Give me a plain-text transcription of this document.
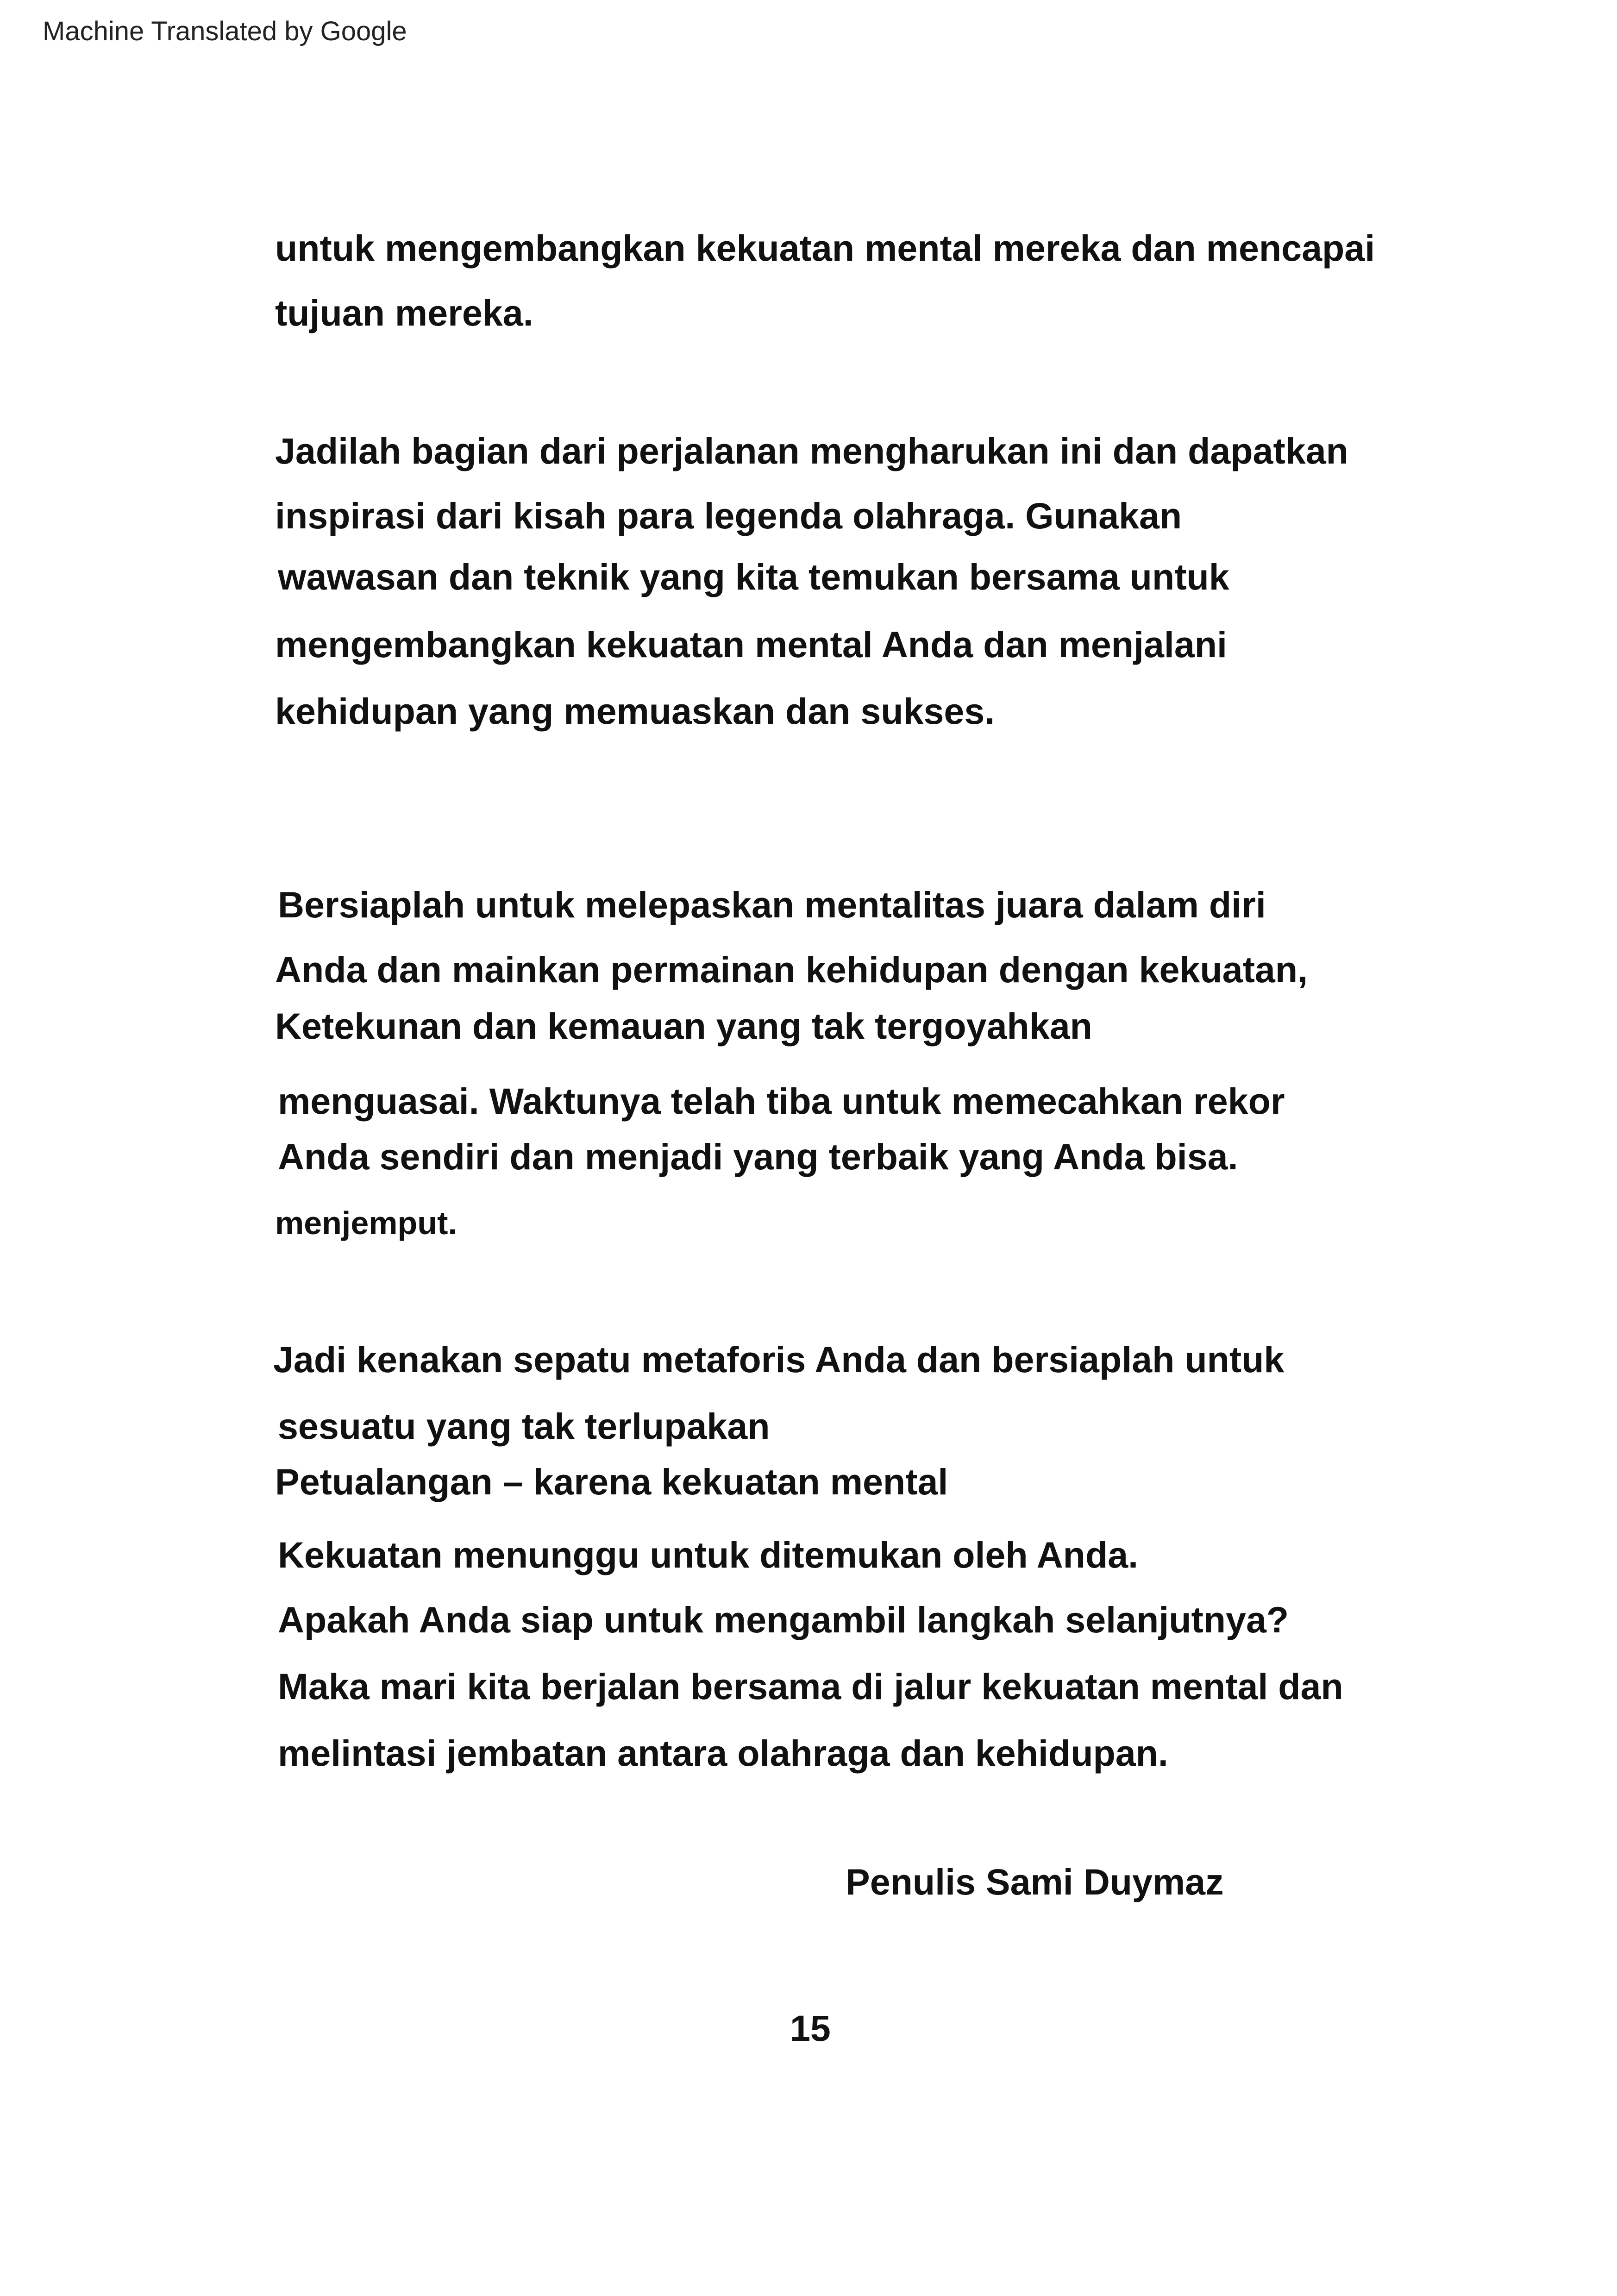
Machine Translated by Google
untuk mengembangkan kekuatan mental mereka dan mencapai
tujuan mereka.
Jadilah bagian dari perjalanan mengharukan ini dan dapatkan
inspirasi dari kisah para legenda olahraga. Gunakan
wawasan dan teknik yang kita temukan bersama untuk
mengembangkan kekuatan mental Anda dan menjalani
kehidupan yang memuaskan dan sukses.
Bersiaplah untuk melepaskan mentalitas juara dalam diri
Anda dan mainkan permainan kehidupan dengan kekuatan,
Ketekunan dan kemauan yang tak tergoyahkan
menguasai. Waktunya telah tiba untuk memecahkan rekor
Anda sendiri dan menjadi yang terbaik yang Anda bisa.
menjemput.
Jadi kenakan sepatu metaforis Anda dan bersiaplah untuk
sesuatu yang tak terlupakan
Petualangan – karena kekuatan mental
Kekuatan menunggu untuk ditemukan oleh Anda.
Apakah Anda siap untuk mengambil langkah selanjutnya?
Maka mari kita berjalan bersama di jalur kekuatan mental dan
melintasi jembatan antara olahraga dan kehidupan.
Penulis Sami Duymaz
15
